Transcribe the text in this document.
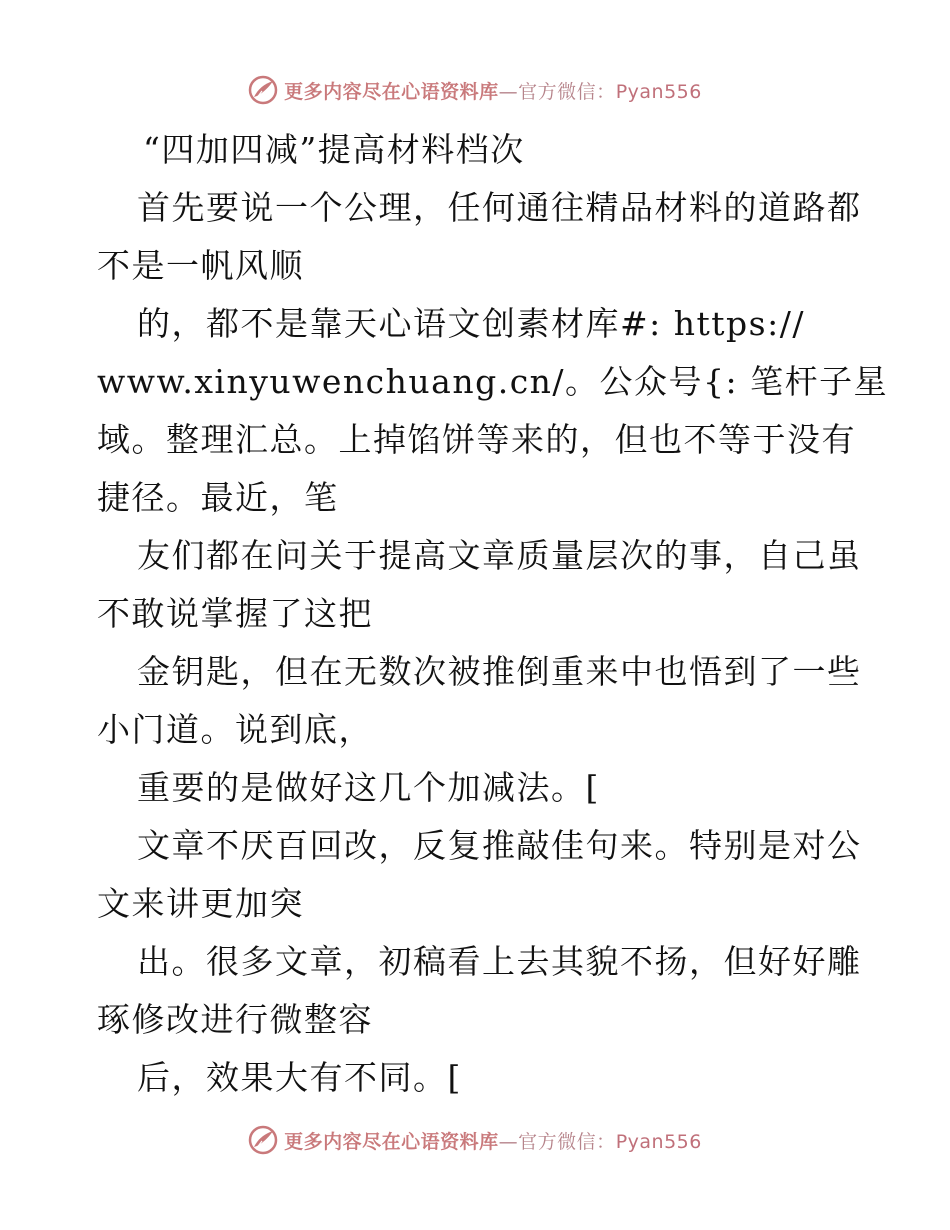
更多内容尽在心语资料库—官方微信：Pyan556
“四加四减”提高材料档次
首先要说一个公理，任何通往精品材料的道路都
不是一帆风顺
的，都不是靠天心语文创素材库#: https://
www.xinyuwenchuang.cn/。公众号{: 笔杆子星
域。整理汇总。上掉馅饼等来的，但也不等于没有
捷径。最近，笔
友们都在问关于提高文章质量层次的事，自己虽
不敢说掌握了这把
金钥匙，但在无数次被推倒重来中也悟到了一些
小门道。说到底，
重要的是做好这几个加减法。[
文章不厌百回改，反复推敲佳句来。特别是对公
文来讲更加突
出。很多文章，初稿看上去其貌不扬，但好好雕
琢修改进行微整容
后，效果大有不同。[
更多内容尽在心语资料库—官方微信：Pyan556
